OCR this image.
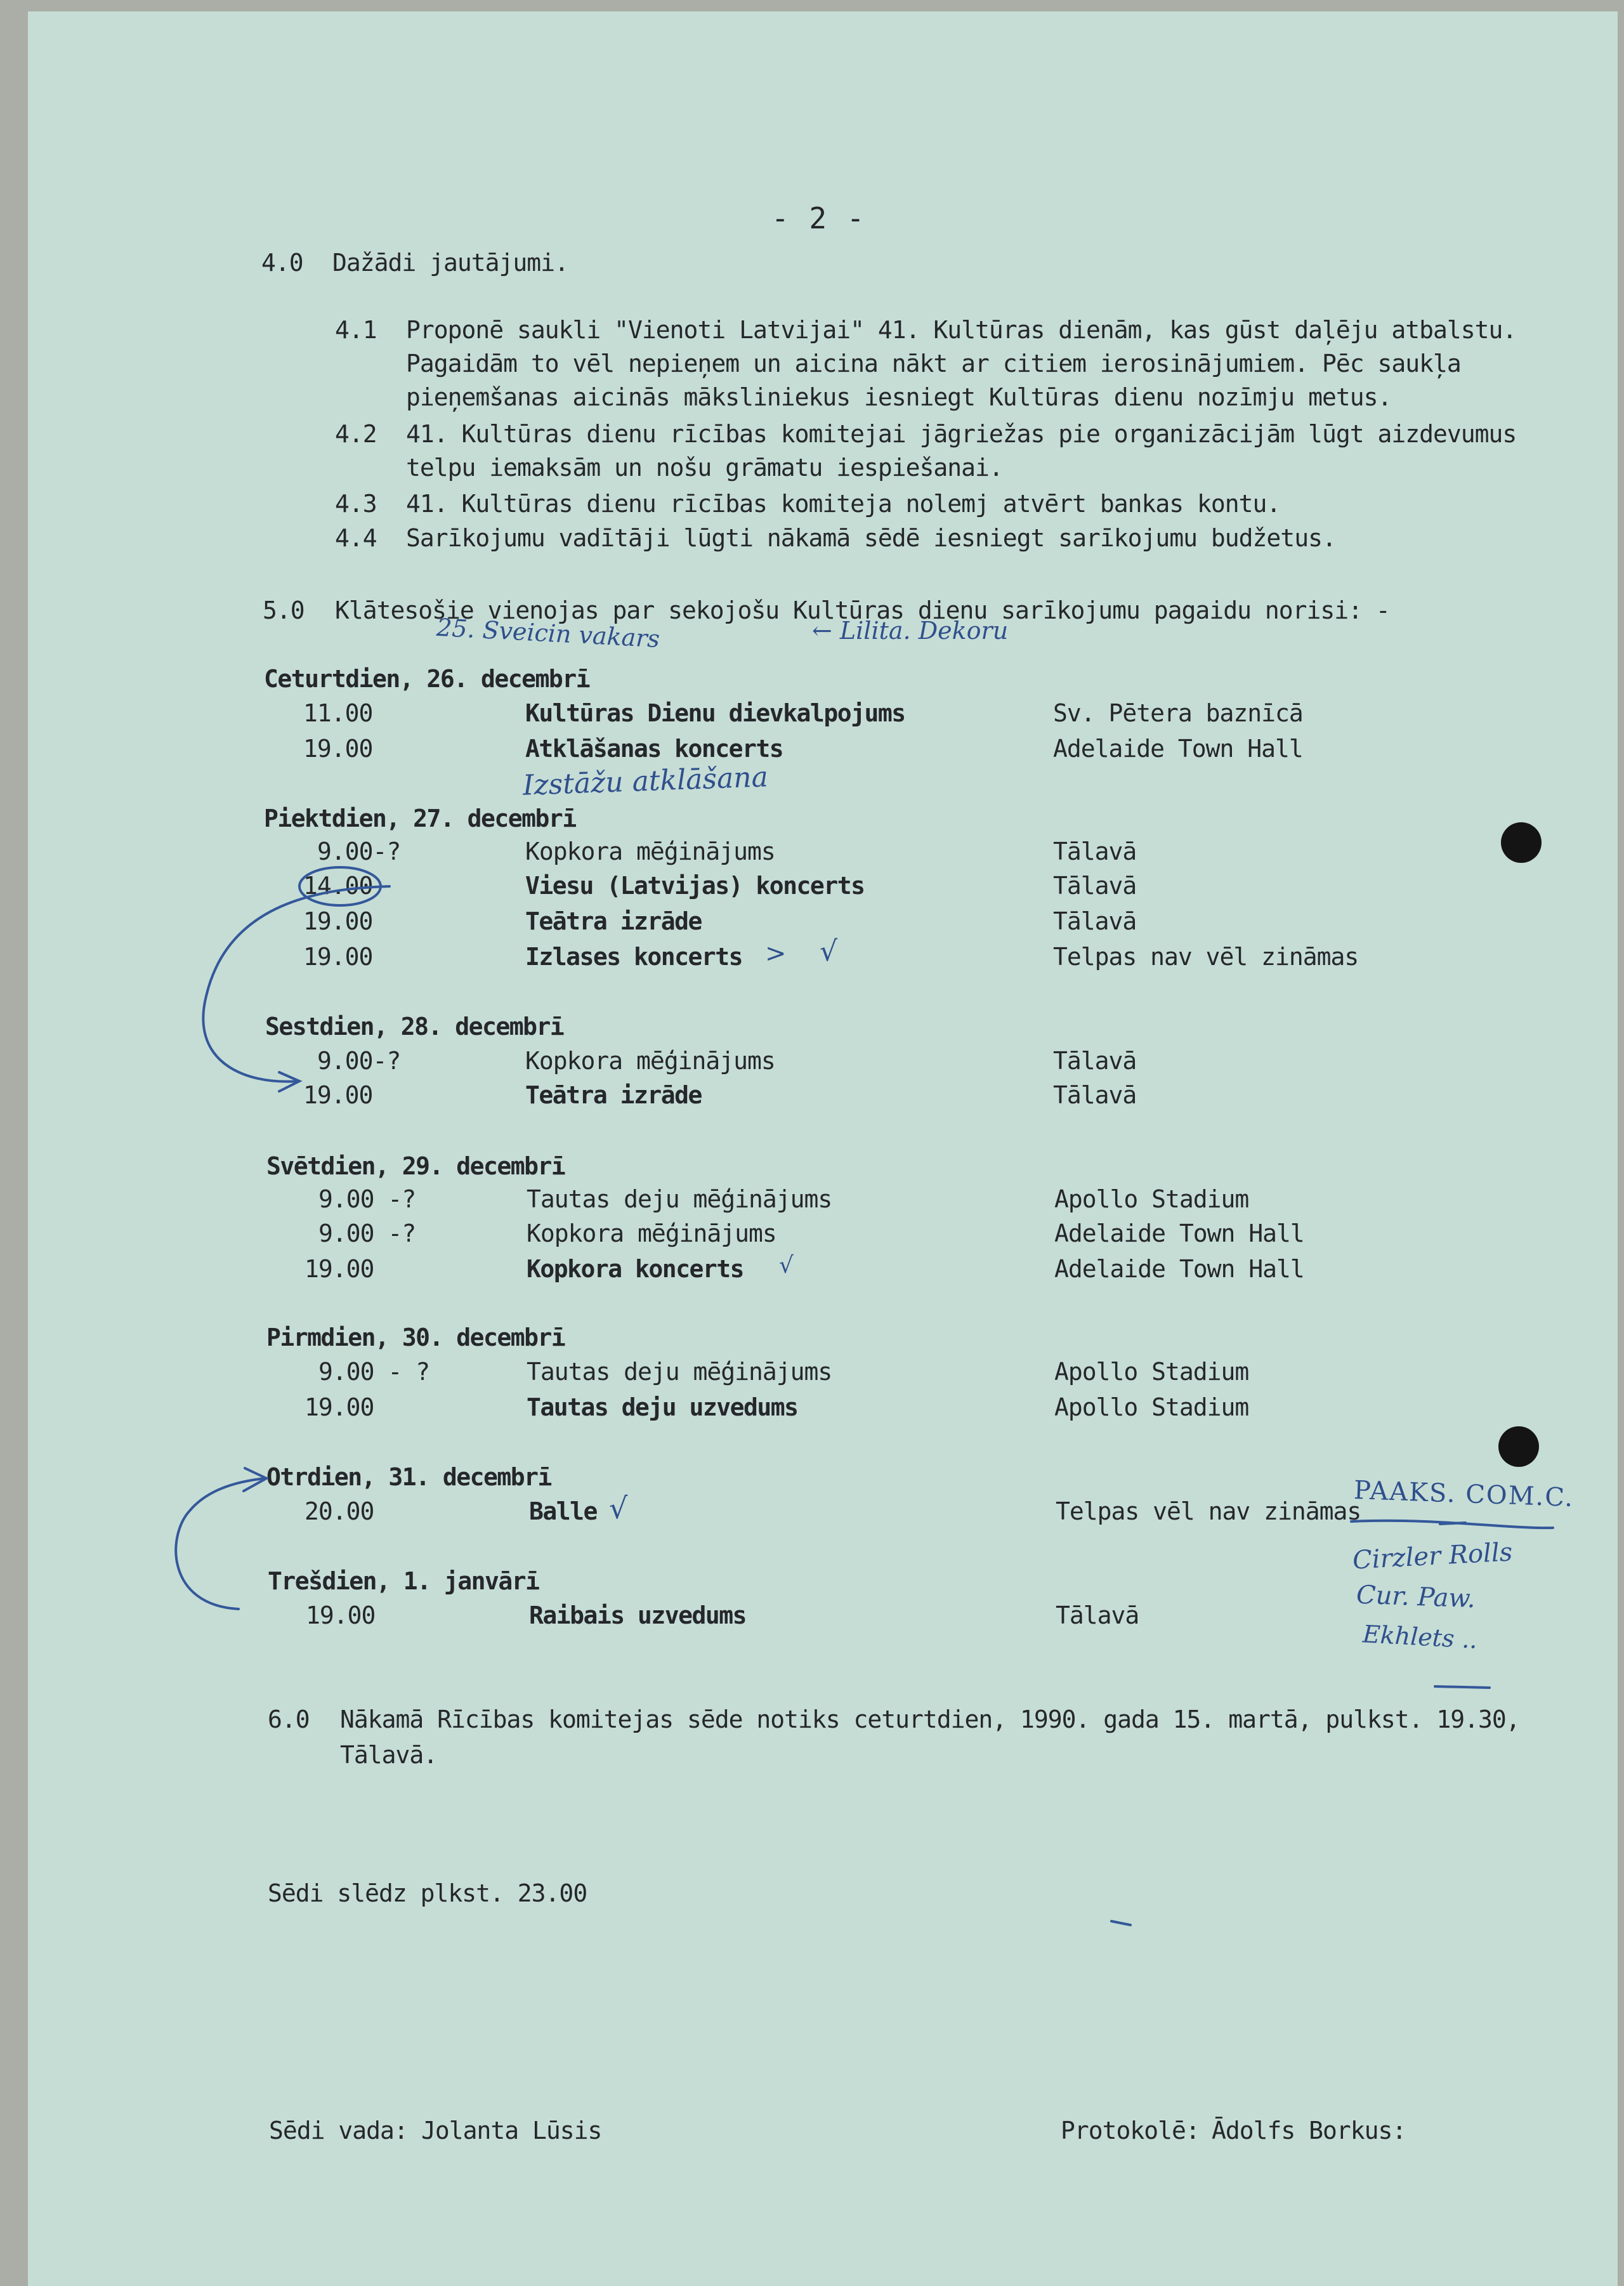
- 2 -
4.0 Dažādi jautājumi.
4.1 Proponē saukli "Vienoti Latvijai" 41. Kultūras dienām, kas gūst daļēju atbalstu.
Pagaidām to vēl nepieņem un aicina nākt ar citiem ierosinājumiem. Pēc saukļa
pieņemšanas aicinās māksliniekus iesniegt Kultūras dienu nozīmju metus.
4.2 41. Kultūras dienu rīcības komitejai jāgriežas pie organizācijām lūgt aizdevumus
telpu iemaksām un nošu grāmatu iespiešanai.
4.3 41. Kultūras dienu rīcības komiteja nolemj atvērt bankas kontu.
4.4 Sarīkojumu vadītāji lūgti nākamā sēdē iesniegt sarīkojumu budžetus.
5.0 Klātesošie vienojas par sekojošu Kultūras dienu sarīkojumu pagaidu norisi: -
Ceturtdien, 26. decembrī
11.00	Kultūras Dienu dievkalpojums	Sv. Pētera baznīcā
19.00	Atklāšanas koncerts	Adelaide Town Hall
Piektdien, 27. decembrī
9.00-?	Kopkora mēģinājums	Tālavā
14.00	Viesu (Latvijas) koncerts	Tālavā
19.00	Teātra izrāde	Tālavā
19.00	Izlases koncerts	Telpas nav vēl zināmas
Sestdien, 28. decembrī
9.00-?	Kopkora mēģinājums	Tālavā
19.00	Teātra izrāde	Tālavā
Svētdien, 29. decembrī
9.00 -?	Tautas deju mēģinājums	Apollo Stadium
9.00 -?	Kopkora mēģinājums	Adelaide Town Hall
19.00	Kopkora koncerts	Adelaide Town Hall
Pirmdien, 30. decembrī
9.00 - ?	Tautas deju mēģinājums	Apollo Stadium
19.00	Tautas deju uzvedums	Apollo Stadium
Otrdien, 31. decembrī
20.00	Balle	Telpas vēl nav zināmas
Trešdien, 1. janvārī
19.00	Raibais uzvedums	Tālavā
6.0 Nākamā Rīcības komitejas sēde notiks ceturtdien, 1990. gada 15. martā, pulkst. 19.30,
Tālavā.
Sēdi slēdz plkst. 23.00
Sēdi vada: Jolanta Lūsis	Protokolē: Ādolfs Borkus:
25. Sveicin vakars	← Lilita. Dekoru
Izstāžu atklāšana
> √
√
√	PAAKS. COM.C.
Cirzler Rolls
Cur. Paw.
Ekhlets ..
